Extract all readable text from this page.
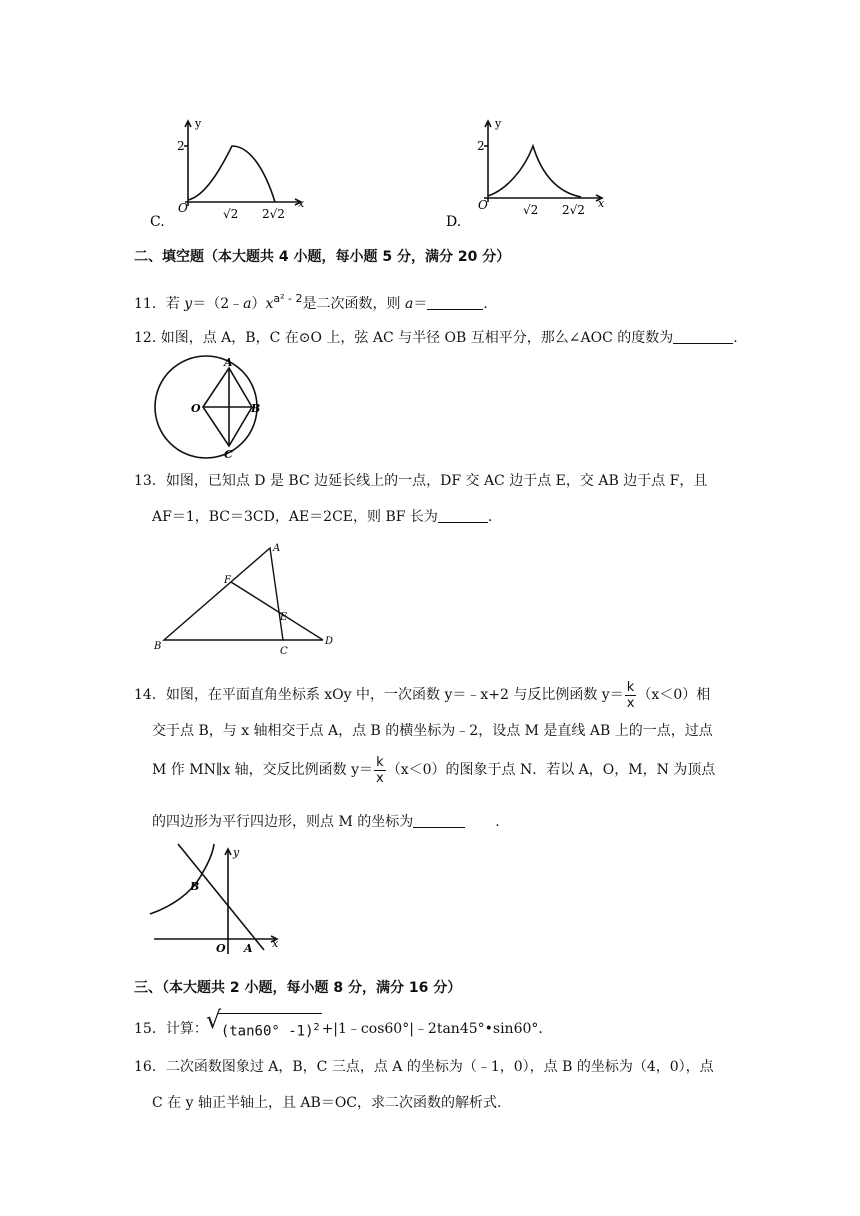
y
x
O
2
√2 2√2
C.
y
x
O
2
√2 2√2
D.
二、填空题（本大题共 4 小题，每小题 5 分，满分 20 分）
11．若 $y=(2﹣a)x^{a^2 - 2}$是二次函数，则 a＝	.
12. 如图，点 A，B，C 在⊙O 上，弦 AC 与半径 OB 互相平分，那么∠AOC 的度数为	.
A
B
C
O
13．如图，已知点 D 是 BC 边延长线上的一点，DF 交 AC 边于点 E，交 AB 边于点 F，且
AF＝1，BC＝3CD，AE＝2CE，则 BF 长为	.
A
B	C
D
E
F
14．如图，在平面直角坐标系 xOy 中，一次函数 y＝﹣x+2 与反比例函数 $y= \frac{k}{x} (x<0)$相
交于点 B，与 x 轴相交于点 A，点 B 的横坐标为﹣2，设点 M 是直线 AB 上的一点，过点
M 作 MN∥x 轴，交反比例函数 $y= \frac{k}{x} (x<0)$的图象于点 N．若以 A，O，M，N 为顶点
的四边形为平行四边形，则点 M 的坐标为	.
y
x
O A
B
三、（本大题共 2 小题，每小题 8 分，满分 16 分）
15．计算：
√ (tan60° -1)$^2$ +|1﹣cos60°|﹣2tan45°•sin60°．
16．二次函数图象过 A，B，C 三点，点 A 的坐标为（﹣1，0），点 B 的坐标为（4，0），点
C 在 y 轴正半轴上，且 AB＝OC，求二次函数的解析式.
